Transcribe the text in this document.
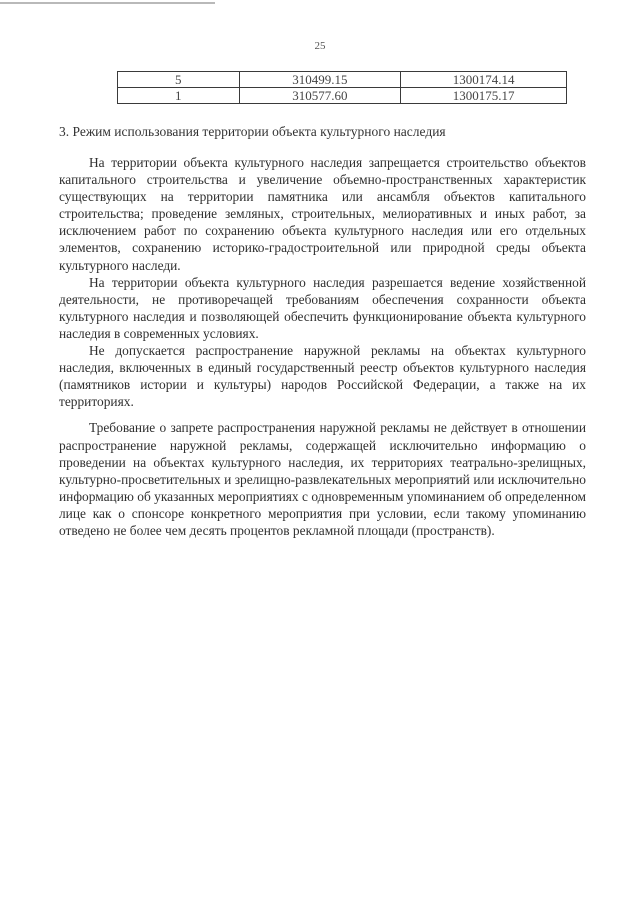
25
5	310499.15	1300174.14
1	310577.60	1300175.17
3. Режим использования территории объекта культурного наследия

На территории объекта культурного наследия запрещается строительство объектов капитального строительства и увеличение объемно-пространственных характеристик существующих на территории памятника или ансамбля объектов капитального строительства; проведение земляных, строительных, мелиоративных и иных работ, за исключением работ по сохранению объекта культурного наследия или его отдельных элементов, сохранению историко-градостроительной или природной среды объекта культурного наследи.

На территории объекта культурного наследия разрешается ведение хозяйственной деятельности, не противоречащей требованиям обеспечения сохранности объекта культурного наследия и позволяющей обеспечить функционирование объекта культурного наследия в современных условиях.

Не допускается распространение наружной рекламы на объектах культурного наследия, включенных в единый государственный реестр объектов культурного наследия (памятников истории и культуры) народов Российской Федерации, а также на их территориях.

Требование о запрете распространения наружной рекламы не действует в отношении распространение наружной рекламы, содержащей исключительно информацию о проведении на объектах культурного наследия, их территориях театрально-зрелищных, культурно-просветительных и зрелищно-развлекательных мероприятий или исключительно информацию об указанных мероприятиях с одновременным упоминанием об определенном лице как о спонсоре конкретного мероприятия при условии, если такому упоминанию отведено не более чем десять процентов рекламной площади (пространств).
